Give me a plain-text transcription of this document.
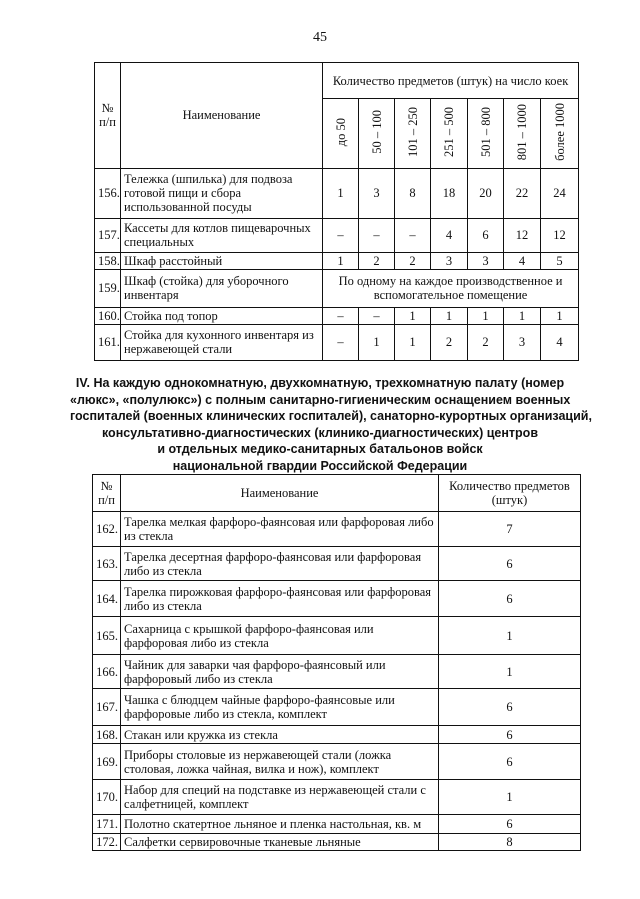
45
№ п/п	Наименование	Количество предметов (штук) на число коек						
		до 50	50 – 100	101 – 250	251 – 500	501 – 800	801 – 1000	более 1000
156.	Тележка (шпилька) для подвоза готовой пищи и сбора использованной посуды	1	3	8	18	20	22	24
157.	Кассеты для котлов пищеварочных специальных	–	–	–	4	6	12	12
158.	Шкаф расстойный	1	2	2	3	3	4	5
159.	Шкаф (стойка) для уборочного инвентаря	По одному на каждое производственное и вспомогательное помещение						
160.	Стойка под топор	–	–	1	1	1	1	1
161.	Стойка для кухонного инвентаря из нержавеющей стали	–	1	1	2	2	3	4
IV. На каждую однокомнатную, двухкомнатную, трехкомнатную палату (номер
«люкс», «полулюкс») с полным санитарно-гигиеническим оснащением военных
госпиталей (военных клинических госпиталей), санаторно-курортных организаций,
консультативно-диагностических (клинико-диагностических) центров
и отдельных медико-санитарных батальонов войск
национальной гвардии Российской Федерации
№ п/п	Наименование	Количество предметов (штук)
162.	Тарелка мелкая фарфоро-фаянсовая или фарфоровая либо из стекла	7
163.	Тарелка десертная фарфоро-фаянсовая или фарфоровая либо из стекла	6
164.	Тарелка пирожковая фарфоро-фаянсовая или фарфоровая либо из стекла	6
165.	Сахарница с крышкой фарфоро-фаянсовая или фарфоровая либо из стекла	1
166.	Чайник для заварки чая фарфоро-фаянсовый или фарфоровый либо из стекла	1
167.	Чашка с блюдцем чайные фарфоро-фаянсовые или фарфоровые либо из стекла, комплект	6
168.	Стакан или кружка из стекла	6
169.	Приборы столовые из нержавеющей стали (ложка столовая, ложка чайная, вилка и нож), комплект	6
170.	Набор для специй на подставке из нержавеющей стали с салфетницей, комплект	1
171.	Полотно скатертное льняное и пленка настольная, кв. м	6
172.	Салфетки сервировочные тканевые льняные	8
